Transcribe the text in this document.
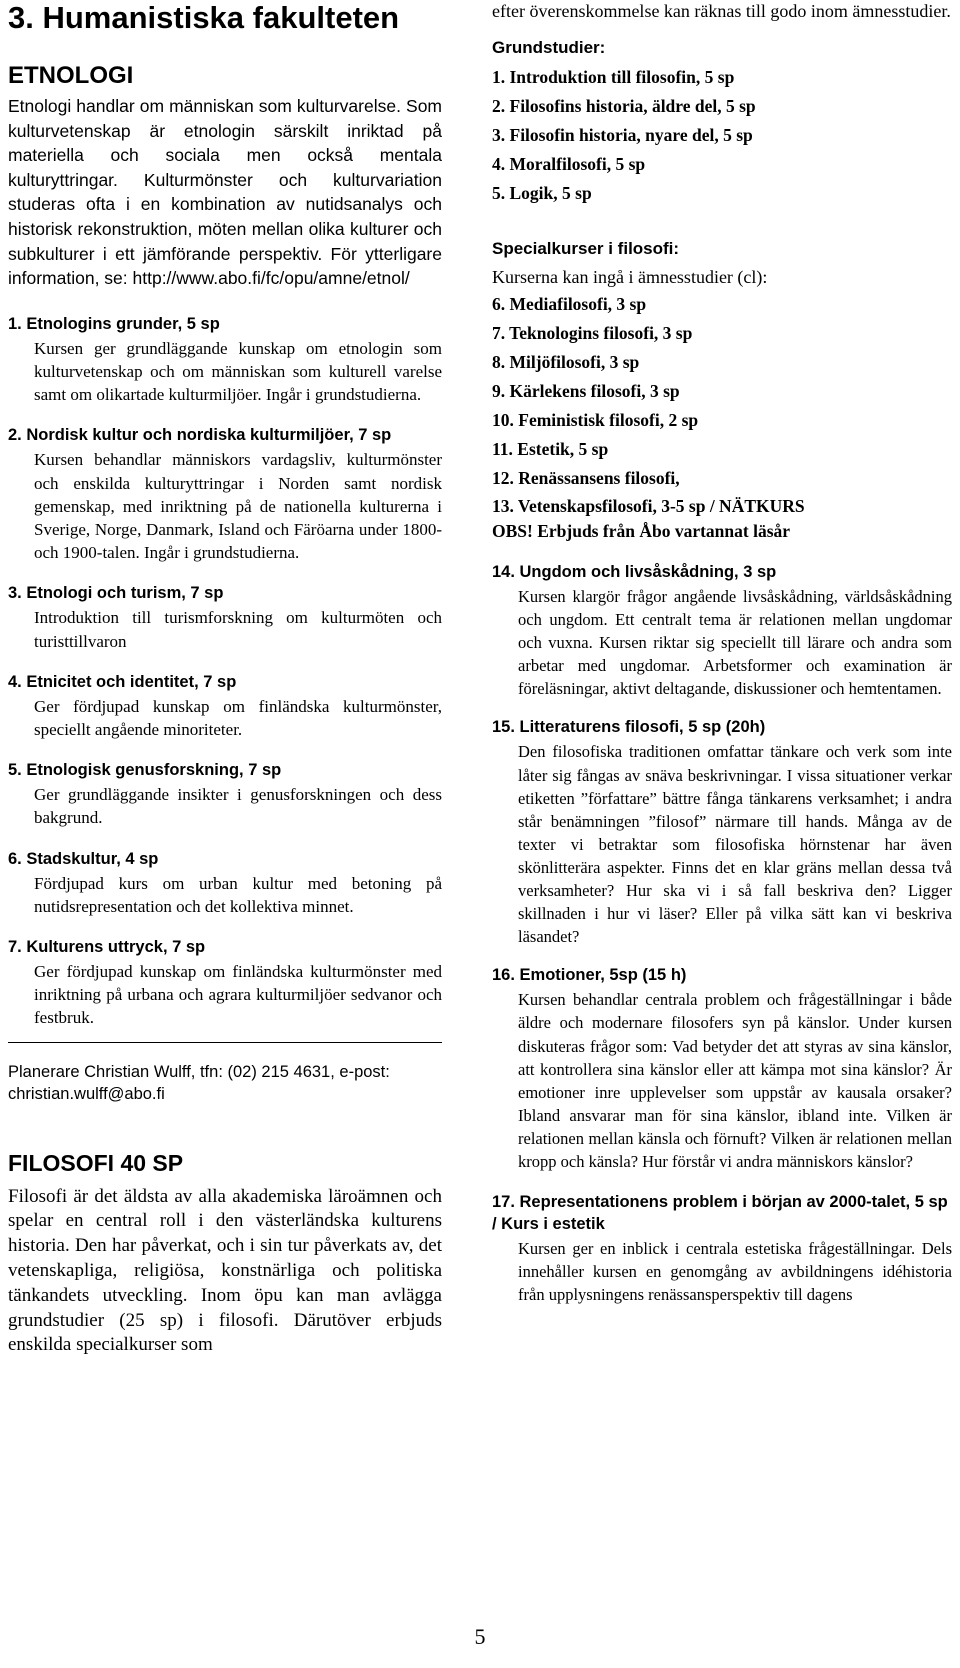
3. Humanistiska fakulteten
ETNOLOGI

Etnologi handlar om människan som kulturvarelse. Som kulturvetenskap är etnologin särskilt inriktad på materiella och sociala men också mentala kulturyttringar. Kulturmönster och kulturvariation studeras ofta i en kombination av nutidsanalys och historisk rekonstruktion, möten mellan olika kulturer och subkulturer i ett jämförande perspektiv. För ytterligare information, se: http://www.abo.fi/fc/opu/amne/etnol/

1. Etnologins grunder, 5 sp

Kursen ger grundläggande kunskap om etnologin som kulturvetenskap och om människan som kulturell varelse samt om olikartade kulturmiljöer. Ingår i grundstudierna.

2. Nordisk kultur och nordiska kulturmiljöer, 7 sp

Kursen behandlar människors vardagsliv, kulturmönster och enskilda kulturyttringar i Norden samt nordisk gemenskap, med inriktning på de nationella kulturerna i Sverige, Norge, Danmark, Island och Färöarna under 1800- och 1900-talen. Ingår i grundstudierna.

3. Etnologi och turism, 7 sp

Introduktion till turismforskning om kulturmöten och turisttillvaron

4. Etnicitet och identitet, 7 sp

Ger fördjupad kunskap om finländska kulturmönster, speciellt angående minoriteter.

5. Etnologisk genusforskning, 7 sp

Ger grundläggande insikter i genusforskningen och dess bakgrund.

6. Stadskultur, 4 sp

Fördjupad kurs om urban kultur med betoning på nutidsrepresentation och det kollektiva minnet.

7. Kulturens uttryck, 7 sp

Ger fördjupad kunskap om finländska kulturmönster med inriktning på urbana och agrara kulturmiljöer sedvanor och festbruk.

Planerare Christian Wulff, tfn: (02) 215 4631, e-post: christian.wulff@abo.fi

FILOSOFI 40 SP

Filosofi är det äldsta av alla akademiska läroämnen och spelar en central roll i den västerländska kulturens historia. Den har påverkat, och i sin tur påverkats av, det vetenskapliga, religiösa, konstnärliga och politiska tänkandets utveckling. Inom öpu kan man avlägga grundstudier (25 sp) i filosofi. Därutöver erbjuds enskilda specialkurser som

efter överenskommelse kan räknas till godo inom ämnesstudier.

Grundstudier:
1. Introduktion till filosofin, 5 sp
2. Filosofins historia, äldre del, 5 sp
3. Filosofin historia, nyare del, 5 sp
4. Moralfilosofi, 5 sp
5. Logik, 5 sp
Specialkurser i filosofi:

Kurserna kan ingå i ämnesstudier (cl):

6. Mediafilosofi, 3 sp
7. Teknologins filosofi, 3 sp
8. Miljöfilosofi, 3 sp
9. Kärlekens filosofi, 3 sp
10. Feministisk filosofi, 2 sp
11. Estetik, 5 sp
12. Renässansens filosofi,
13. Vetenskapsfilosofi, 3-5 sp / NÄTKURS
OBS! Erbjuds från Åbo vartannat läsår
14. Ungdom och livsåskådning, 3 sp

Kursen klargör frågor angående livsåskådning, världsåskådning och ungdom. Ett centralt tema är relationen mellan ungdomar och vuxna. Kursen riktar sig speciellt till lärare och andra som arbetar med ungdomar. Arbetsformer och examination är föreläsningar, aktivt deltagande, diskussioner och hemtentamen.

15. Litteraturens filosofi, 5 sp (20h)

Den filosofiska traditionen omfattar tänkare och verk som inte låter sig fångas av snäva beskrivningar. I vissa situationer verkar etiketten ”författare” bättre fånga tänkarens verksamhet; i andra står benämningen ”filosof” närmare till hands. Många av de texter vi betraktar som filosofiska hörnstenar har även skönlitterära aspekter. Finns det en klar gräns mellan dessa två verksamheter? Hur ska vi i så fall beskriva den? Ligger skillnaden i hur vi läser? Eller på vilka sätt kan vi beskriva läsandet?

16. Emotioner, 5sp (15 h)

Kursen behandlar centrala problem och frågeställningar i både äldre och modernare filosofers syn på känslor. Under kursen diskuteras frågor som: Vad betyder det att styras av sina känslor, att kontrollera sina känslor eller att kämpa mot sina känslor? Är emotioner inre upplevelser som uppstår av kausala orsaker? Ibland ansvarar man för sina känslor, ibland inte. Vilken är relationen mellan känsla och förnuft? Vilken är relationen mellan kropp och känsla? Hur förstår vi andra människors känslor?

17. Representationens problem i början av 2000-talet, 5 sp / Kurs i estetik

Kursen ger en inblick i centrala estetiska frågeställningar. Dels innehåller kursen en genomgång av avbildningens idéhistoria från upplysningens renässansperspektiv till dagens

5
